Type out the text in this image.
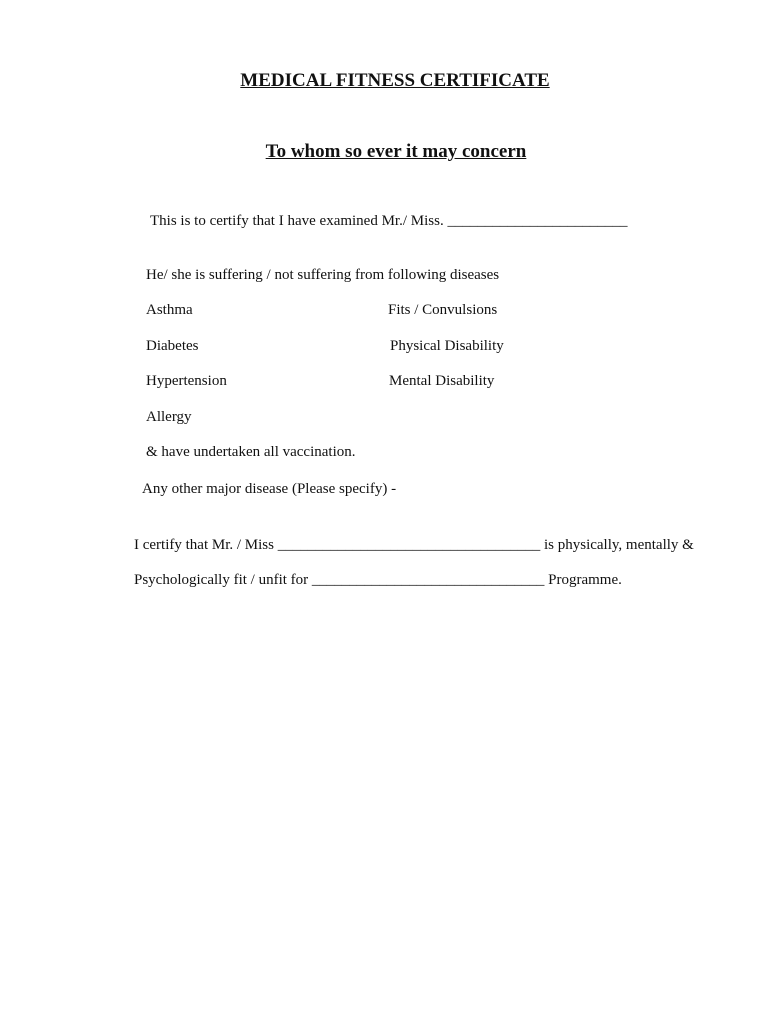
MEDICAL FITNESS CERTIFICATE
To whom so ever it may concern

This is to certify that I have examined Mr./ Miss. ________________________

He/ she is suffering / not suffering from following diseases

Asthma	Fits / Convulsions

Diabetes	Physical Disability

Hypertension	Mental Disability

Allergy

& have undertaken all vaccination.

Any other major disease (Please specify) -

I certify that Mr. / Miss ___________________________________ is physically, mentally &

Psychologically fit / unfit for _______________________________ Programme.
